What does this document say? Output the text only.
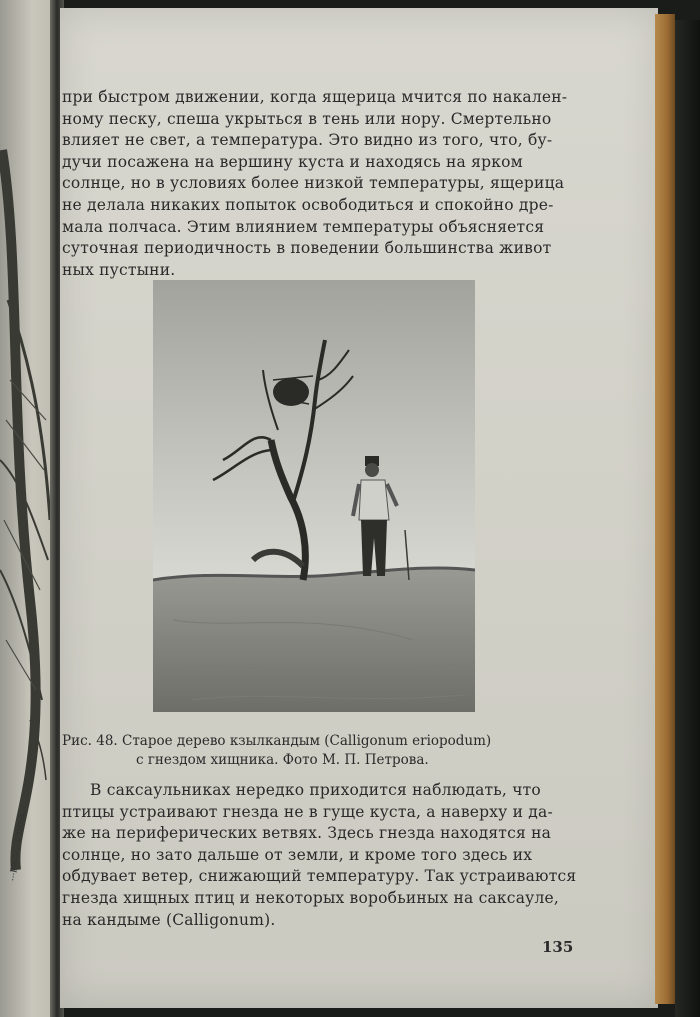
...ри... ...стина.
при быстром движении, когда ящерица мчится по накален-
ному песку, спеша укрыться в тень или нору. Смертельно
влияет не свет, а температура. Это видно из того, что, бу-
дучи посажена на вершину куста и находясь на ярком
солнце, но в условиях более низкой температуры, ящерица
не делала никаких попыток освободиться и спокойно дре-
мала полчаса. Этим влиянием температуры объясняется
суточная периодичность в поведении большинства живот
ных пустыни.
Рис. 48. Старое дерево кзылкандым (Calligonum eriopodum)
с гнездом хищника. Фото М. П. Петрова.
В саксаульниках нередко приходится наблюдать, что
птицы устраивают гнезда не в гуще куста, а наверху и да-
же на периферических ветвях. Здесь гнезда находятся на
солнце, но зато дальше от земли, и кроме того здесь их
обдувает ветер, снижающий температуру. Так устраиваются
гнезда хищных птиц и некоторых воробьиных на саксауле,
на кандыме (Calligonum).
135
